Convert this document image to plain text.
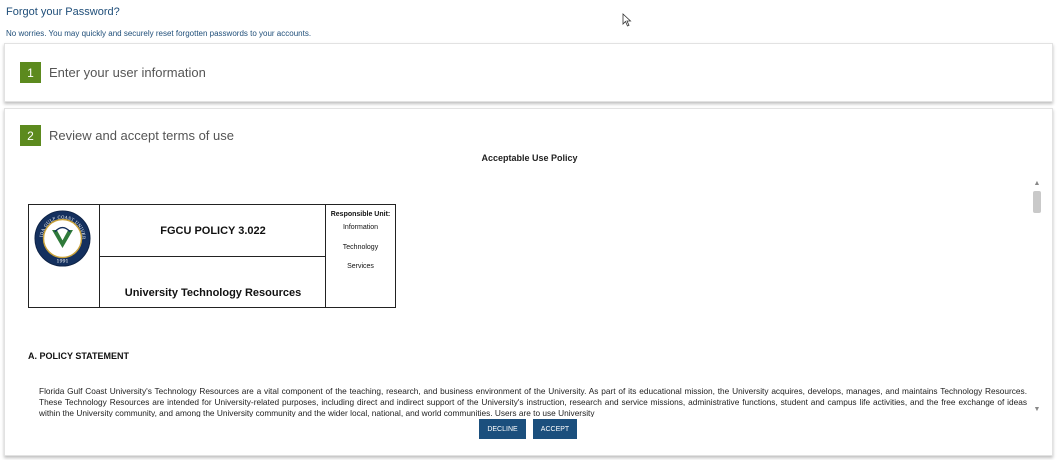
Forgot your Password?
No worries. You may quickly and securely reset forgotten passwords to your accounts.
1	Enter your user information
2	Review and accept terms of use
Acceptable Use Policy
IDA GULF COAST UNIVER
1991
FGCU POLICY 3.022
University Technology Resources
Responsible Unit:
Information
Technology
Services
A. POLICY STATEMENT
Florida Gulf Coast University's Technology Resources are a vital component of the teaching, research, and business environment of the University. As part of its educational mission, the University acquires, develops, manages, and maintains Technology Resources. These Technology Resources are intended for University-related purposes, including direct and indirect support of the University's instruction, research and service missions, administrative functions, student and campus life activities, and the free exchange of ideas within the University community, and among the University community and the wider local, national, and world communities. Users are to use University
▲
▼
DECLINE	ACCEPT
